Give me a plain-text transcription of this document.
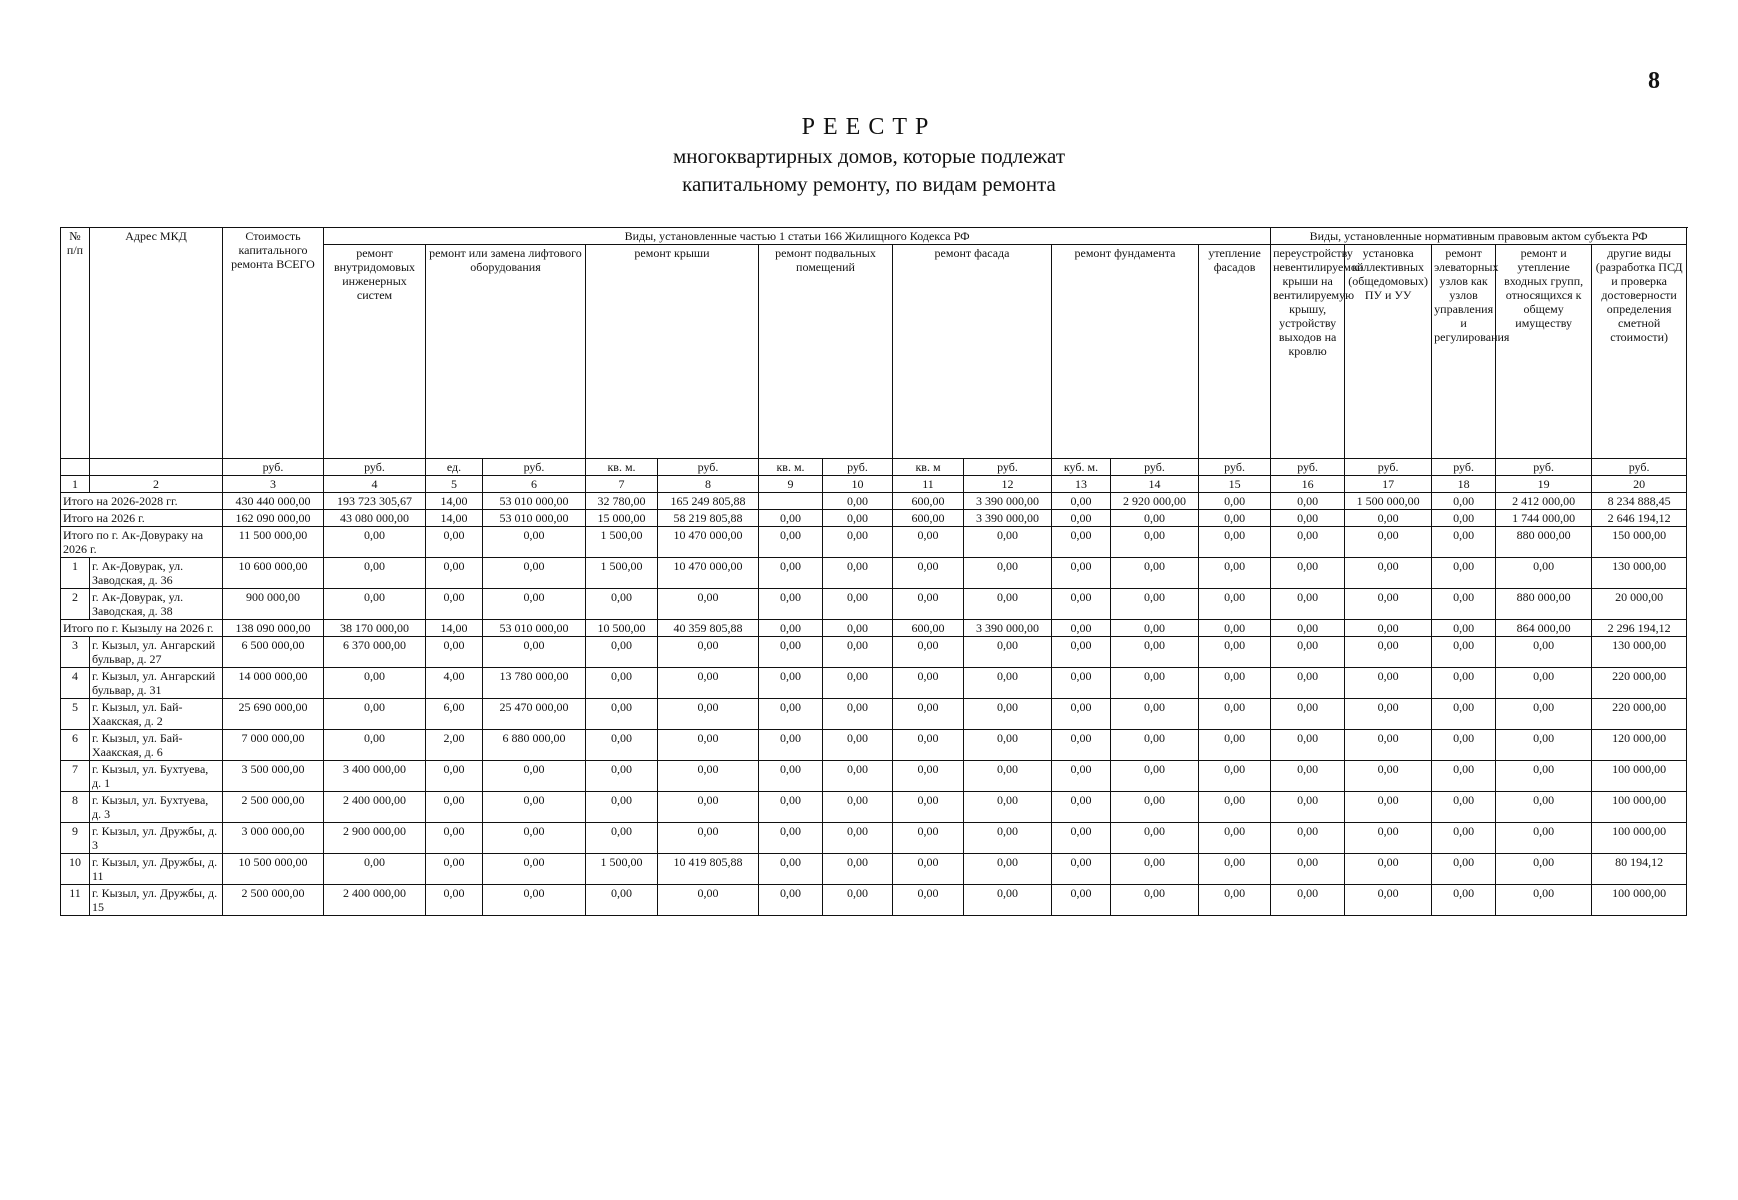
8
РЕЕСТР
многоквартирных домов, которые подлежат
капитальному ремонту, по видам ремонта
№ п/п	Адрес МКД	Стоимость капитального ремонта ВСЕГО	Виды, установленные частью 1 статьи 166 Жилищного Кодекса РФ												Виды, установленные нормативным правовым актом субъекта РФ				
			ремонт внутридомовых инженерных систем	ремонт или замена лифтового оборудования		ремонт крыши		ремонт подвальных помещений		ремонт фасада		ремонт фундамента		утепление фасадов	переустройству невентилируемой крыши на вентилируемую крышу, устройству выходов на кровлю	установка коллективных (общедомовых) ПУ и УУ	ремонт элеваторных узлов как узлов управления и регулирования	ремонт и утепление входных групп, относящихся к общему имуществу	другие виды (разработка ПСД и проверка достоверности определения сметной стоимости)
		руб.	руб.	ед.	руб.	кв. м.	руб.	кв. м.	руб.	кв. м	руб.	куб. м.	руб.	руб.	руб.	руб.	руб.	руб.	руб.
1	2	3	4	5	6	7	8	9	10	11	12	13	14	15	16	17	18	19	20
Итого на 2026-2028 гг.		430 440 000,00	193 723 305,67	14,00	53 010 000,00	32 780,00	165 249 805,88		0,00	600,00	3 390 000,00	0,00	2 920 000,00	0,00	0,00	1 500 000,00	0,00	2 412 000,00	8 234 888,45
Итого на 2026 г.		162 090 000,00	43 080 000,00	14,00	53 010 000,00	15 000,00	58 219 805,88	0,00	0,00	600,00	3 390 000,00	0,00	0,00	0,00	0,00	0,00	0,00	1 744 000,00	2 646 194,12
Итого по г. Ак-Довураку на 2026 г.		11 500 000,00	0,00	0,00	0,00	1 500,00	10 470 000,00	0,00	0,00	0,00	0,00	0,00	0,00	0,00	0,00	0,00	0,00	880 000,00	150 000,00
1	г. Ак-Довурак, ул. Заводская, д. 36	10 600 000,00	0,00	0,00	0,00	1 500,00	10 470 000,00	0,00	0,00	0,00	0,00	0,00	0,00	0,00	0,00	0,00	0,00	0,00	130 000,00
2	г. Ак-Довурак, ул. Заводская, д. 38	900 000,00	0,00	0,00	0,00	0,00	0,00	0,00	0,00	0,00	0,00	0,00	0,00	0,00	0,00	0,00	0,00	880 000,00	20 000,00
Итого по г. Кызылу на 2026 г.		138 090 000,00	38 170 000,00	14,00	53 010 000,00	10 500,00	40 359 805,88	0,00	0,00	600,00	3 390 000,00	0,00	0,00	0,00	0,00	0,00	0,00	864 000,00	2 296 194,12
3	г. Кызыл, ул. Ангарский бульвар, д. 27	6 500 000,00	6 370 000,00	0,00	0,00	0,00	0,00	0,00	0,00	0,00	0,00	0,00	0,00	0,00	0,00	0,00	0,00	0,00	130 000,00
4	г. Кызыл, ул. Ангарский бульвар, д. 31	14 000 000,00	0,00	4,00	13 780 000,00	0,00	0,00	0,00	0,00	0,00	0,00	0,00	0,00	0,00	0,00	0,00	0,00	0,00	220 000,00
5	г. Кызыл, ул. Бай-Хаакская, д. 2	25 690 000,00	0,00	6,00	25 470 000,00	0,00	0,00	0,00	0,00	0,00	0,00	0,00	0,00	0,00	0,00	0,00	0,00	0,00	220 000,00
6	г. Кызыл, ул. Бай-Хаакская, д. 6	7 000 000,00	0,00	2,00	6 880 000,00	0,00	0,00	0,00	0,00	0,00	0,00	0,00	0,00	0,00	0,00	0,00	0,00	0,00	120 000,00
7	г. Кызыл, ул. Бухтуева, д. 1	3 500 000,00	3 400 000,00	0,00	0,00	0,00	0,00	0,00	0,00	0,00	0,00	0,00	0,00	0,00	0,00	0,00	0,00	0,00	100 000,00
8	г. Кызыл, ул. Бухтуева, д. 3	2 500 000,00	2 400 000,00	0,00	0,00	0,00	0,00	0,00	0,00	0,00	0,00	0,00	0,00	0,00	0,00	0,00	0,00	0,00	100 000,00
9	г. Кызыл, ул. Дружбы, д. 3	3 000 000,00	2 900 000,00	0,00	0,00	0,00	0,00	0,00	0,00	0,00	0,00	0,00	0,00	0,00	0,00	0,00	0,00	0,00	100 000,00
10	г. Кызыл, ул. Дружбы, д. 11	10 500 000,00	0,00	0,00	0,00	1 500,00	10 419 805,88	0,00	0,00	0,00	0,00	0,00	0,00	0,00	0,00	0,00	0,00	0,00	80 194,12
11	г. Кызыл, ул. Дружбы, д. 15	2 500 000,00	2 400 000,00	0,00	0,00	0,00	0,00	0,00	0,00	0,00	0,00	0,00	0,00	0,00	0,00	0,00	0,00	0,00	100 000,00
